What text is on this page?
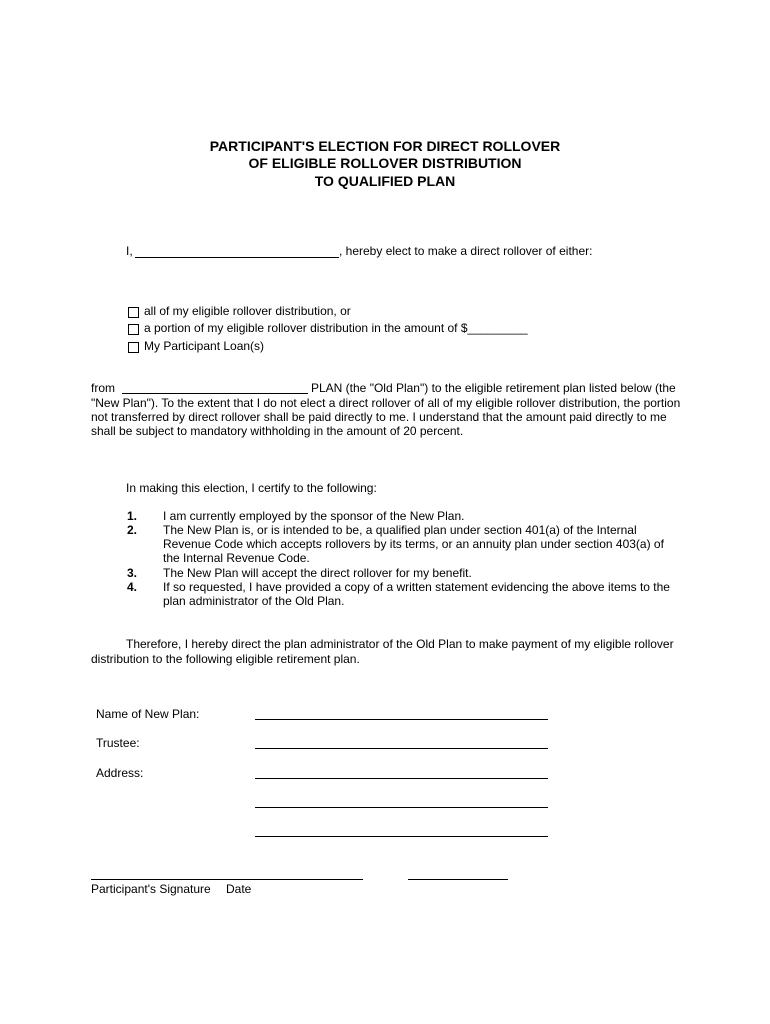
PARTICIPANT'S ELECTION FOR DIRECT ROLLOVER
OF ELIGIBLE ROLLOVER DISTRIBUTION
TO QUALIFIED PLAN
I,	, hereby elect to make a direct rollover of either:
all of my eligible rollover distribution, or
a portion of my eligible rollover distribution in the amount of $_________
My Participant Loan(s)
from	PLAN (the "Old Plan") to the eligible retirement plan listed below (the
"New Plan"). To the extent that I do not elect a direct rollover of all of my eligible rollover distribution, the portion
not transferred by direct rollover shall be paid directly to me. I understand that the amount paid directly to me
shall be subject to mandatory withholding in the amount of 20 percent.
In making this election, I certify to the following:
1. I am currently employed by the sponsor of the New Plan.
2. The New Plan is, or is intended to be, a qualified plan under section 401(a) of the Internal
Revenue Code which accepts rollovers by its terms, or an annuity plan under section 403(a) of
the Internal Revenue Code.
3. The New Plan will accept the direct rollover for my benefit.
4. If so requested, I have provided a copy of a written statement evidencing the above items to the
plan administrator of the Old Plan.
Therefore, I hereby direct the plan administrator of the Old Plan to make payment of my eligible rollover
distribution to the following eligible retirement plan.
Name of New Plan:
Trustee:
Address:
Participant's Signature Date
